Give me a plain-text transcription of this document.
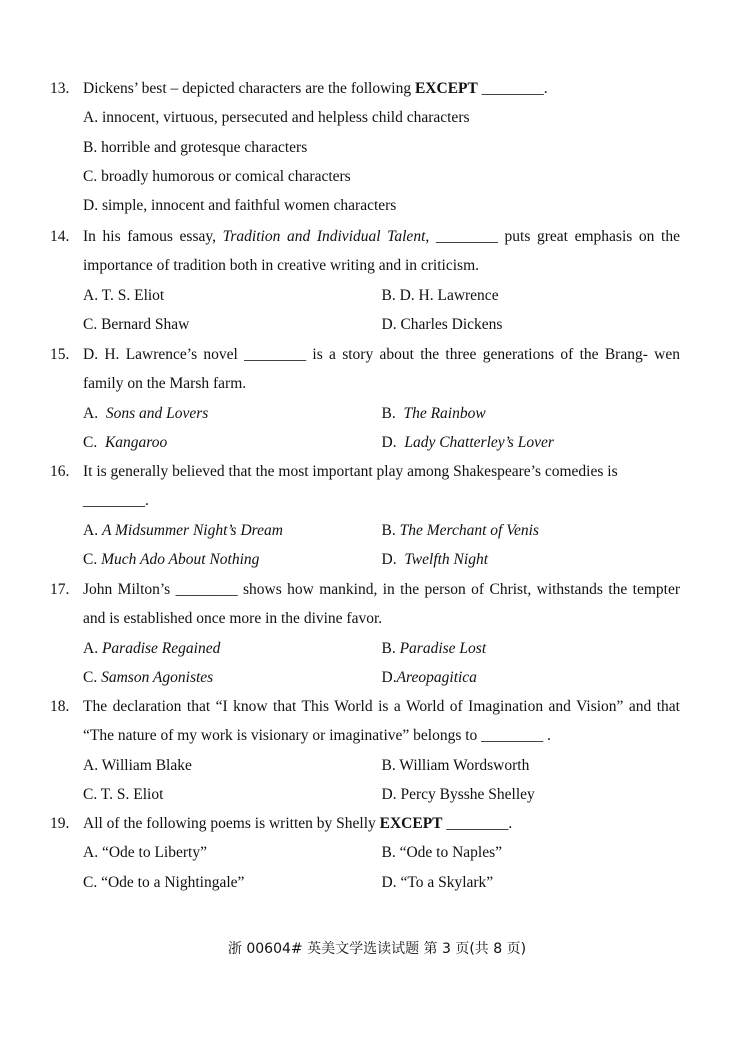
13. Dickens’ best – depicted characters are the following EXCEPT ________.
A. innocent, virtuous, persecuted and helpless child characters
B. horrible and grotesque characters
C. broadly humorous or comical characters
D. simple, innocent and faithful women characters
14. In his famous essay, Tradition and Individual Talent, ________ puts great emphasis on the importance of tradition both in creative writing and in criticism.
A. T. S. Eliot	B. D. H. Lawrence
C. Bernard Shaw	D. Charles Dickens
15. D. H. Lawrence’s novel ________ is a story about the three generations of the Brang- wen family on the Marsh farm.
A. Sons and Lovers	B. The Rainbow
C. Kangaroo	D. Lady Chatterley’s Lover
16. It is generally believed that the most important play among Shakespeare’s comedies is
________.
A. A Midsummer Night’s Dream	B. The Merchant of Venis
C. Much Ado About Nothing	D. Twelfth Night
17. John Milton’s ________ shows how mankind, in the person of Christ, withstands the tempter and is established once more in the divine favor.
A. Paradise Regained	B. Paradise Lost
C. Samson Agonistes	D.Areopagitica
18. The declaration that “I know that This World is a World of Imagination and Vision” and that “The nature of my work is visionary or imaginative” belongs to ________ .
A. William Blake	B. William Wordsworth
C. T. S. Eliot	D. Percy Bysshe Shelley
19. All of the following poems is written by Shelly EXCEPT ________.
A. “Ode to Liberty”	B. “Ode to Naples”
C. “Ode to a Nightingale”	D. “To a Skylark”
浙 00604# 英美文学选读试题 第 3 页(共 8 页)
